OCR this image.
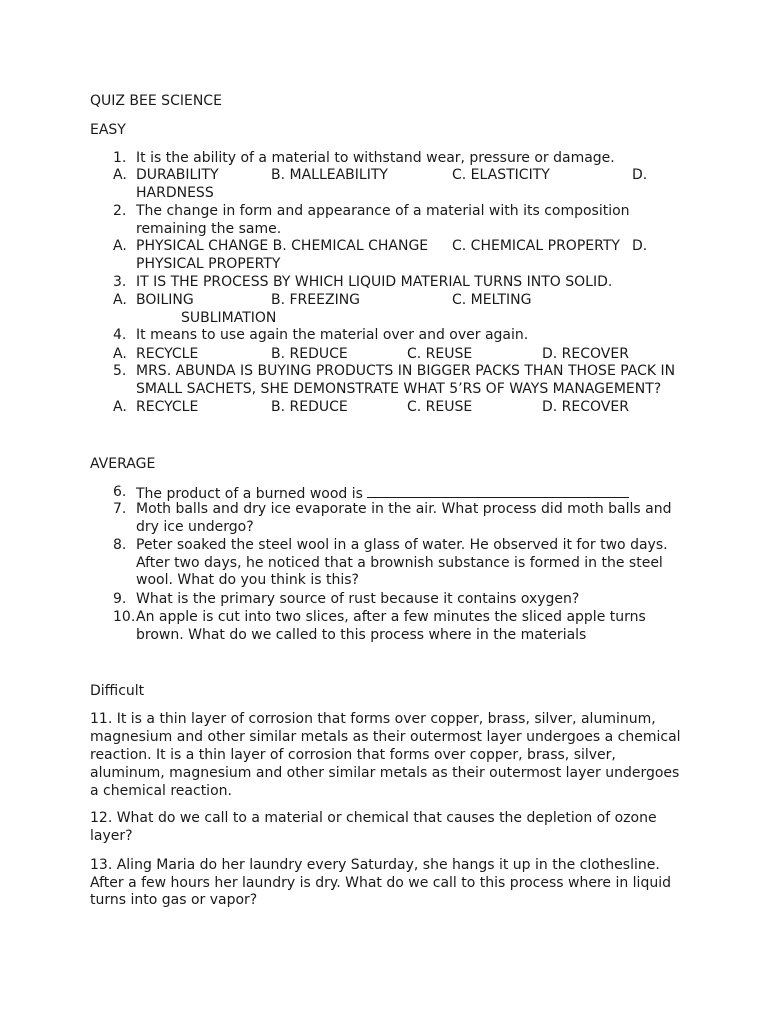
QUIZ BEE SCIENCE
EASY
1. It is the ability of a material to withstand wear, pressure or damage.
A. DURABILITY	B. MALLEABILITY	C. ELASTICITY	D.
HARDNESS
2. The change in form and appearance of a material with its composition
remaining the same.
A. PHYSICAL CHANGE B. CHEMICAL CHANGE C. CHEMICAL PROPERTY D.
PHYSICAL PROPERTY
3. IT IS THE PROCESS BY WHICH LIQUID MATERIAL TURNS INTO SOLID.
A. BOILING	B. FREEZING	C. MELTING
SUBLIMATION
4. It means to use again the material over and over again.
A. RECYCLE	B. REDUCE	C. REUSE	D. RECOVER
5. MRS. ABUNDA IS BUYING PRODUCTS IN BIGGER PACKS THAN THOSE PACK IN
SMALL SACHETS, SHE DEMONSTRATE WHAT 5’RS OF WAYS MANAGEMENT?
A. RECYCLE	B. REDUCE	C. REUSE	D. RECOVER
AVERAGE
6. The product of a burned wood is
7. Moth balls and dry ice evaporate in the air. What process did moth balls and
dry ice undergo?
8. Peter soaked the steel wool in a glass of water. He observed it for two days.
After two days, he noticed that a brownish substance is formed in the steel
wool. What do you think is this?
9. What is the primary source of rust because it contains oxygen?
10. An apple is cut into two slices, after a few minutes the sliced apple turns
brown. What do we called to this process where in the materials
Difficult
11. It is a thin layer of corrosion that forms over copper, brass, silver, aluminum,
magnesium and other similar metals as their outermost layer undergoes a chemical
reaction. It is a thin layer of corrosion that forms over copper, brass, silver,
aluminum, magnesium and other similar metals as their outermost layer undergoes
a chemical reaction.
12. What do we call to a material or chemical that causes the depletion of ozone
layer?
13. Aling Maria do her laundry every Saturday, she hangs it up in the clothesline.
After a few hours her laundry is dry. What do we call to this process where in liquid
turns into gas or vapor?
